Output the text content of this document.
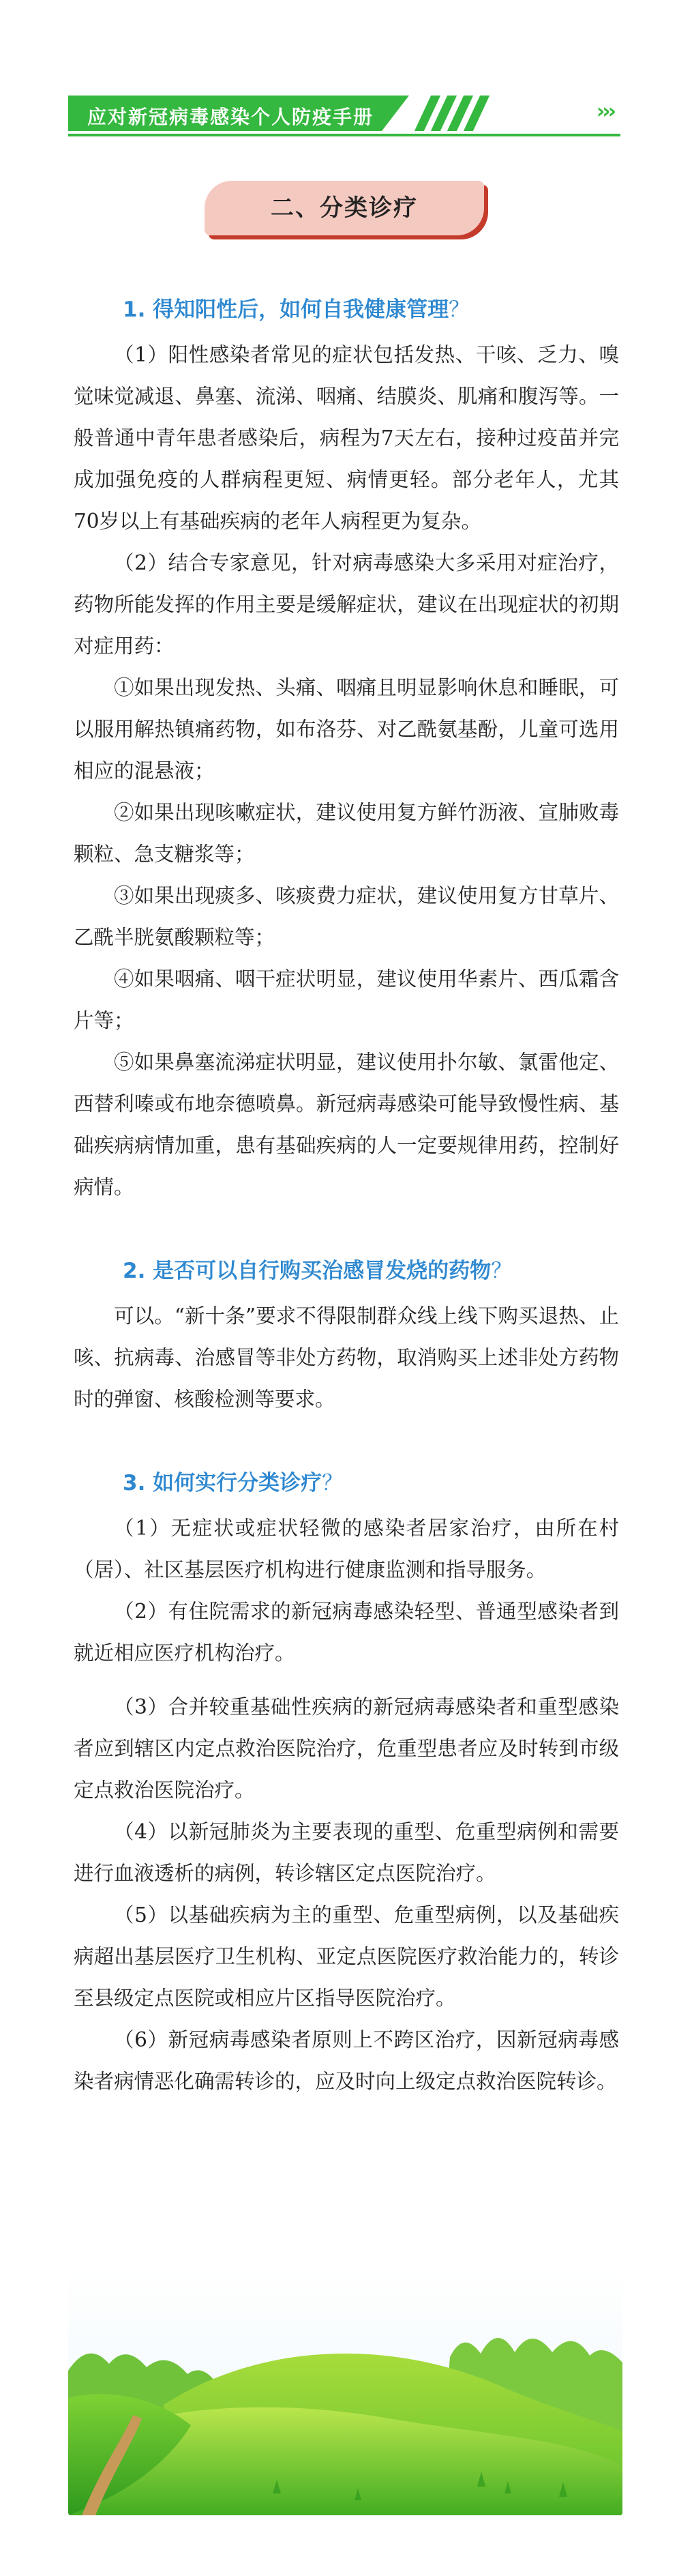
应对新冠病毒感染个人防疫手册	›››
二、分类诊疗
1. 得知阳性后，如何自我健康管理？

（1）阳性感染者常见的症状包括发热、干咳、乏力、嗅觉味觉减退、鼻塞、流涕、咽痛、结膜炎、肌痛和腹泻等。一般普通中青年患者感染后，病程为7天左右，接种过疫苗并完成加强免疫的人群病程更短、病情更轻。部分老年人，尤其70岁以上有基础疾病的老年人病程更为复杂。

（2）结合专家意见，针对病毒感染大多采用对症治疗，药物所能发挥的作用主要是缓解症状，建议在出现症状的初期对症用药：

①如果出现发热、头痛、咽痛且明显影响休息和睡眠，可以服用解热镇痛药物，如布洛芬、对乙酰氨基酚，儿童可选用相应的混悬液；

②如果出现咳嗽症状，建议使用复方鲜竹沥液、宣肺败毒颗粒、急支糖浆等；

③如果出现痰多、咳痰费力症状，建议使用复方甘草片、乙酰半胱氨酸颗粒等；

④如果咽痛、咽干症状明显，建议使用华素片、西瓜霜含片等；

⑤如果鼻塞流涕症状明显，建议使用扑尔敏、氯雷他定、西替利嗪或布地奈德喷鼻。新冠病毒感染可能导致慢性病、基础疾病病情加重，患有基础疾病的人一定要规律用药，控制好病情。

2. 是否可以自行购买治感冒发烧的药物？

可以。“新十条”要求不得限制群众线上线下购买退热、止咳、抗病毒、治感冒等非处方药物，取消购买上述非处方药物时的弹窗、核酸检测等要求。

3. 如何实行分类诊疗？

（1）无症状或症状轻微的感染者居家治疗，由所在村（居）、社区基层医疗机构进行健康监测和指导服务。

（2）有住院需求的新冠病毒感染轻型、普通型感染者到就近相应医疗机构治疗。

（3）合并较重基础性疾病的新冠病毒感染者和重型感染者应到辖区内定点救治医院治疗，危重型患者应及时转到市级定点救治医院治疗。

（4）以新冠肺炎为主要表现的重型、危重型病例和需要进行血液透析的病例，转诊辖区定点医院治疗。

（5）以基础疾病为主的重型、危重型病例，以及基础疾病超出基层医疗卫生机构、亚定点医院医疗救治能力的，转诊至县级定点医院或相应片区指导医院治疗。

（6）新冠病毒感染者原则上不跨区治疗，因新冠病毒感染者病情恶化确需转诊的，应及时向上级定点救治医院转诊。
